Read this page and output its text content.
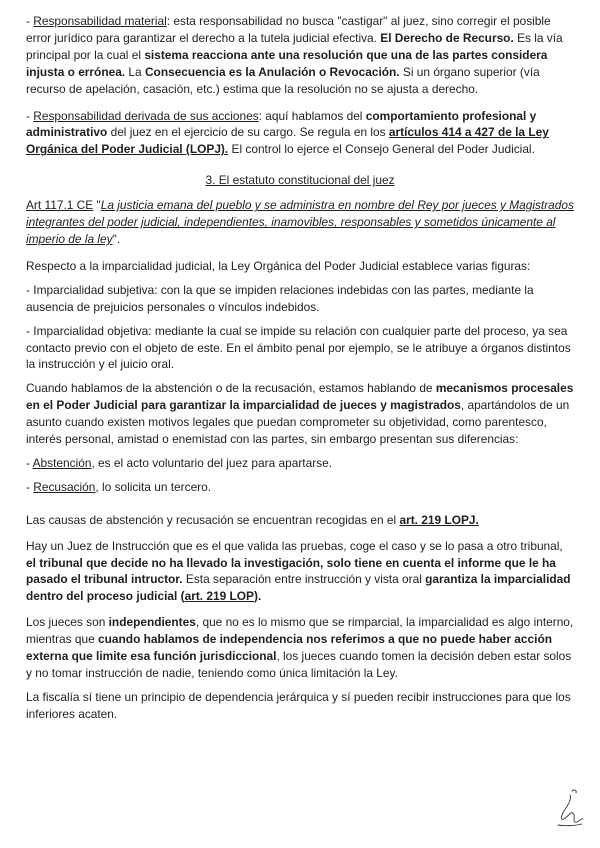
- Responsabilidad material: esta responsabilidad no busca "castigar" al juez, sino corregir el posible error jurídico para garantizar el derecho a la tutela judicial efectiva. El Derecho de Recurso. Es la vía principal por la cual el sistema reacciona ante una resolución que una de las partes considera injusta o errónea. La Consecuencia es la Anulación o Revocación. Si un órgano superior (vía recurso de apelación, casación, etc.) estima que la resolución no se ajusta a derecho.

- Responsabilidad derivada de sus acciones: aquí hablamos del comportamiento profesional y administrativo del juez en el ejercicio de su cargo. Se regula en los artículos 414 a 427 de la Ley Orgánica del Poder Judicial (LOPJ). El control lo ejerce el Consejo General del Poder Judicial.

3. El estatuto constitucional del juez

Art 117.1 CE "La justicia emana del pueblo y se administra en nombre del Rey por jueces y Magistrados integrantes del poder judicial, independientes, inamovibles, responsables y sometidos únicamente al imperio de la ley".

Respecto a la imparcialidad judicial, la Ley Orgánica del Poder Judicial establece varias figuras:

- Imparcialidad subjetiva: con la que se impiden relaciones indebidas con las partes, mediante la ausencia de prejuicios personales o vínculos indebidos.

- Imparcialidad objetiva: mediante la cual se impide su relación con cualquier parte del proceso, ya sea contacto previo con el objeto de este. En el ámbito penal por ejemplo, se le atribuye a órganos distintos la instrucción y el juicio oral.

Cuando hablamos de la abstención o de la recusación, estamos hablando de mecanismos procesales en el Poder Judicial para garantizar la imparcialidad de jueces y magistrados, apartándolos de un asunto cuando existen motivos legales que puedan comprometer su objetividad, como parentesco, interés personal, amistad o enemistad con las partes, sin embargo presentan sus diferencias:

- Abstención, es el acto voluntario del juez para apartarse.

- Recusación, lo solicita un tercero.

Las causas de abstención y recusación se encuentran recogidas en el art. 219 LOPJ.

Hay un Juez de Instrucción que es el que valida las pruebas, coge el caso y se lo pasa a otro tribunal, el tribunal que decide no ha llevado la investigación, solo tiene en cuenta el informe que le ha pasado el tribunal intructor. Esta separación entre instrucción y vista oral garantiza la imparcialidad dentro del proceso judicial (art. 219 LOP).

Los jueces son independientes, que no es lo mismo que se rimparcial, la imparcialidad es algo interno, mientras que cuando hablamos de independencia nos referimos a que no puede haber acción externa que limite esa función jurisdiccional, los jueces cuando tomen la decisión deben estar solos y no tomar instrucción de nadie, teniendo como única limitación la Ley.

La fiscalía sí tiene un principio de dependencia jerárquica y sí pueden recibir instrucciones para que los inferiores acaten.
